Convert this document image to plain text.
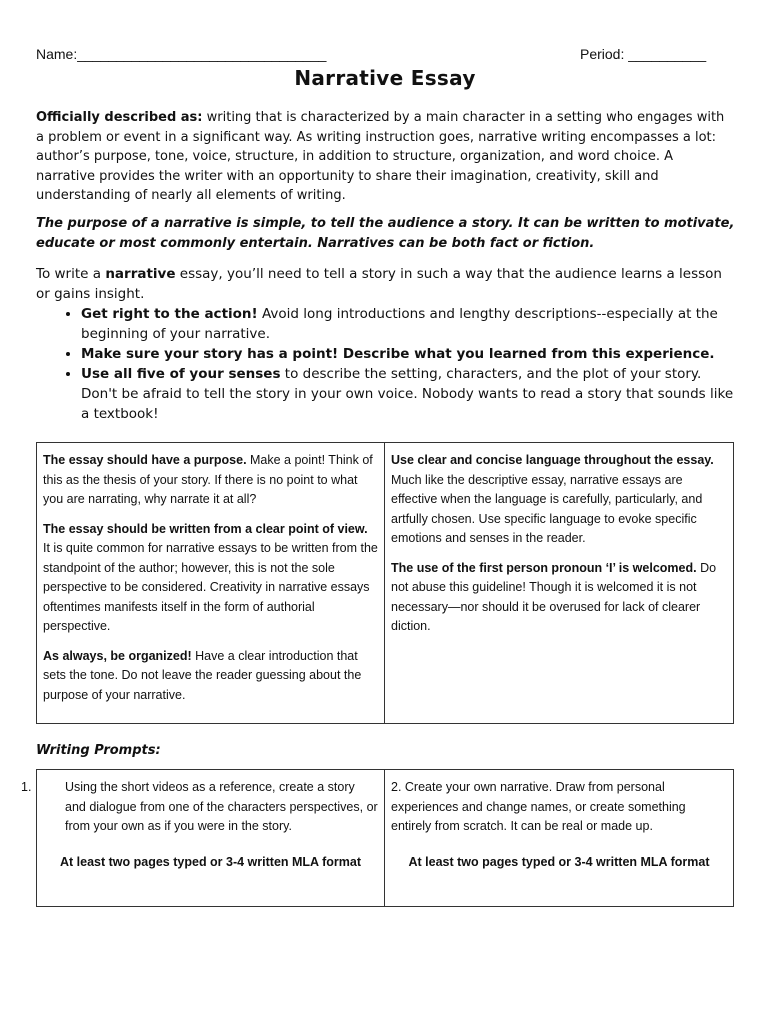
Name:________________________________	Period: __________
Narrative Essay
Officially described as: writing that is characterized by a main character in a setting who engages with a problem or event in a significant way. As writing instruction goes, narrative writing encompasses a lot: author’s purpose, tone, voice, structure, in addition to structure, organization, and word choice. A narrative provides the writer with an opportunity to share their imagination, creativity, skill and understanding of nearly all elements of writing.
The purpose of a narrative is simple, to tell the audience a story. It can be written to motivate, educate or most commonly entertain. Narratives can be both fact or fiction.
To write a narrative essay, you’ll need to tell a story in such a way that the audience learns a lesson or gains insight.
• Get right to the action! Avoid long introductions and lengthy descriptions--especially at the beginning of your narrative.
• Make sure your story has a point! Describe what you learned from this experience.
• Use all five of your senses to describe the setting, characters, and the plot of your story. Don't be afraid to tell the story in your own voice. Nobody wants to read a story that sounds like a textbook!

The essay should have a purpose. Make a point! Think of this as the thesis of your story. If there is no point to what you are narrating, why narrate it at all?

The essay should be written from a clear point of view. It is quite common for narrative essays to be written from the standpoint of the author; however, this is not the sole perspective to be considered. Creativity in narrative essays oftentimes manifests itself in the form of authorial perspective.

As always, be organized! Have a clear introduction that sets the tone. Do not leave the reader guessing about the purpose of your narrative.

Use clear and concise language throughout the essay. Much like the descriptive essay, narrative essays are effective when the language is carefully, particularly, and artfully chosen. Use specific language to evoke specific emotions and senses in the reader.

The use of the first person pronoun ‘I’ is welcomed. Do not abuse this guideline! Though it is welcomed it is not necessary—nor should it be overused for lack of clearer diction.

Writing Prompts:

1.	Using the short videos as a reference, create a story and dialogue from one of the characters perspectives, or from your own as if you were in the story.

At least two pages typed or 3-4 written MLA format

2. Create your own narrative. Draw from personal experiences and change names, or create something entirely from scratch. It can be real or made up.

At least two pages typed or 3-4 written MLA format
